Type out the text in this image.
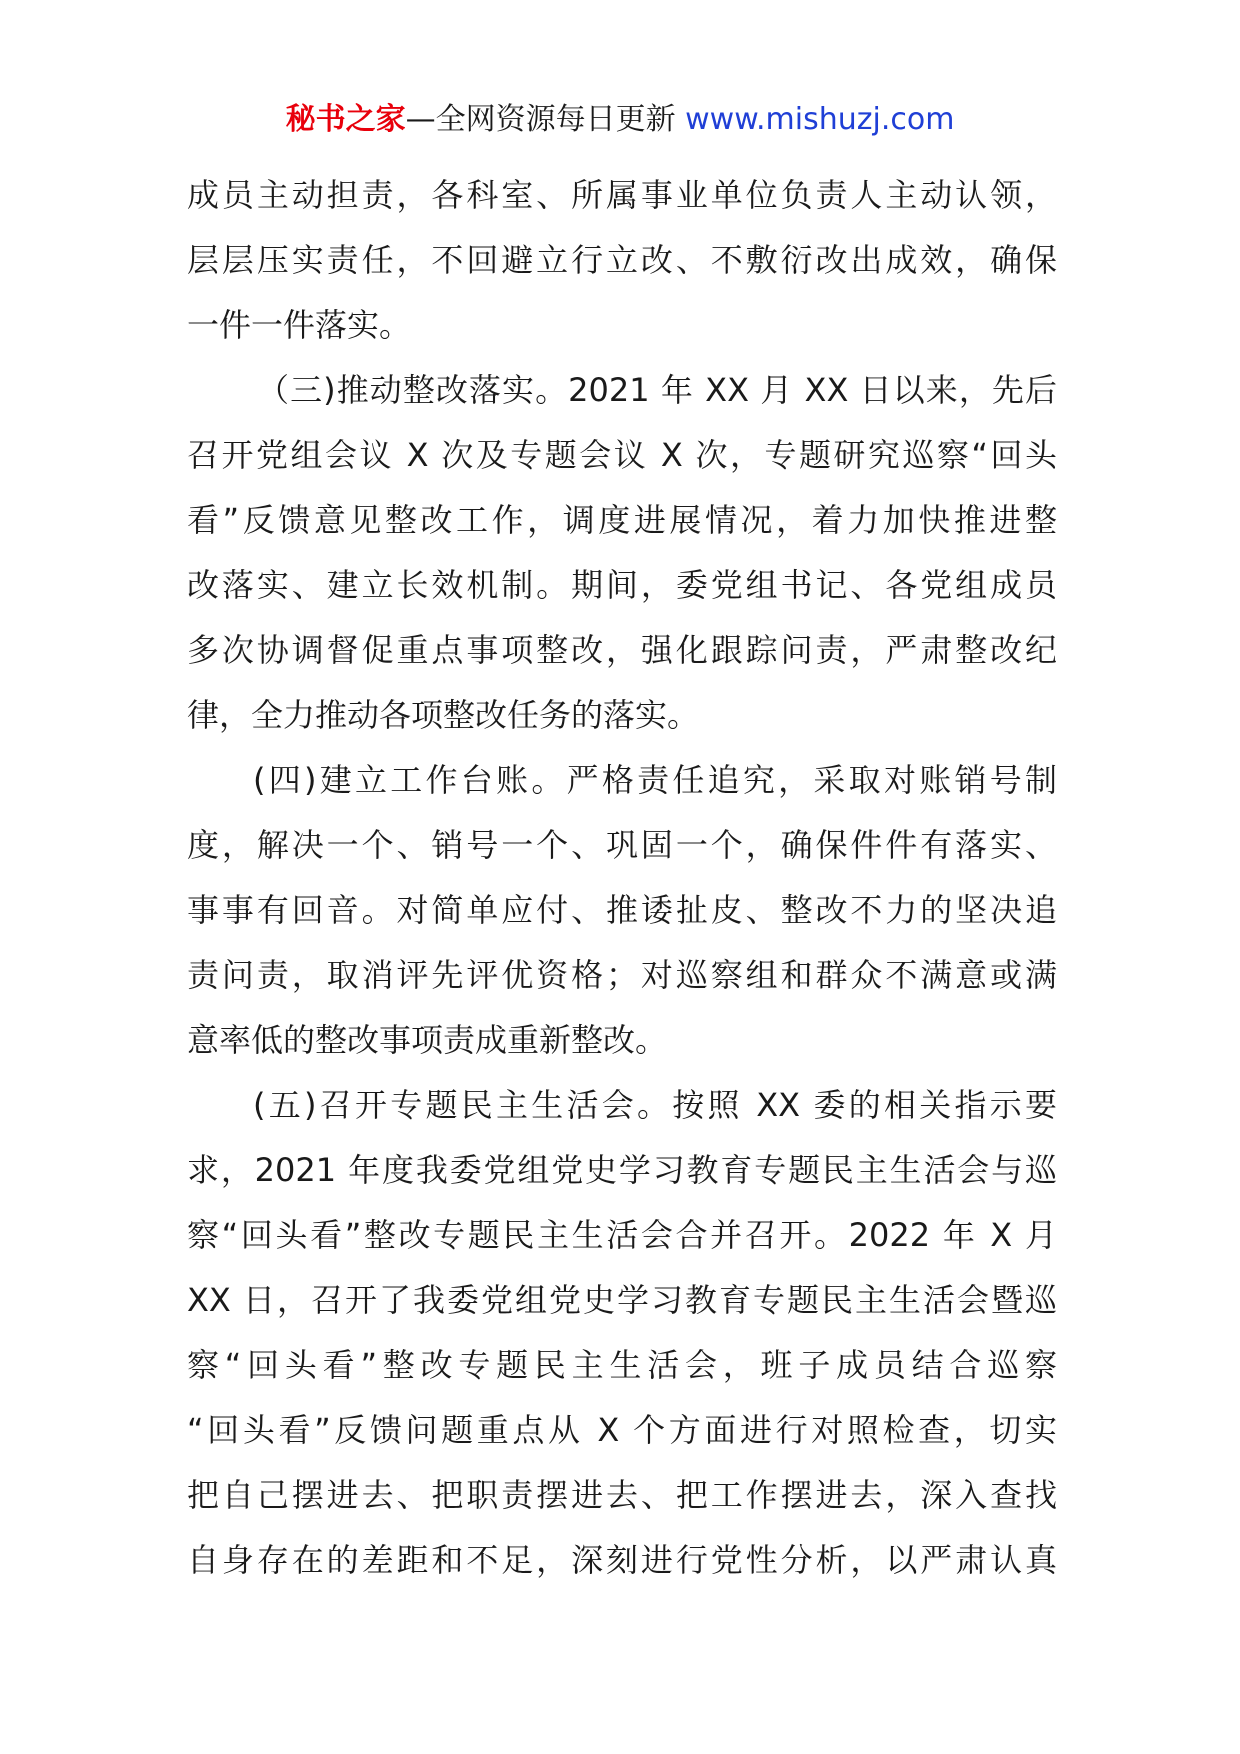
秘书之家—全网资源每日更新 www.mishuzj.com
成员主动担责，各科室、所属事业单位负责人主动认领，
层层压实责任，不回避立行立改、不敷衍改出成效，确保
一件一件落实。
（三)推动整改落实。2021 年 XX 月 XX 日以来，先后
召开党组会议 X 次及专题会议 X 次，专题研究巡察“回头
看”反馈意见整改工作，调度进展情况，着力加快推进整
改落实、建立长效机制。期间，委党组书记、各党组成员
多次协调督促重点事项整改，强化跟踪问责，严肃整改纪
律，全力推动各项整改任务的落实。
(四)建立工作台账。严格责任追究，采取对账销号制
度，解决一个、销号一个、巩固一个，确保件件有落实、
事事有回音。对简单应付、推诿扯皮、整改不力的坚决追
责问责，取消评先评优资格；对巡察组和群众不满意或满
意率低的整改事项责成重新整改。
(五)召开专题民主生活会。按照 XX 委的相关指示要
求，2021 年度我委党组党史学习教育专题民主生活会与巡
察“回头看”整改专题民主生活会合并召开。2022 年 X 月
XX 日，召开了我委党组党史学习教育专题民主生活会暨巡
察“回头看”整改专题民主生活会，班子成员结合巡察
“回头看”反馈问题重点从 X 个方面进行对照检查，切实
把自己摆进去、把职责摆进去、把工作摆进去，深入查找
自身存在的差距和不足，深刻进行党性分析，以严肃认真
